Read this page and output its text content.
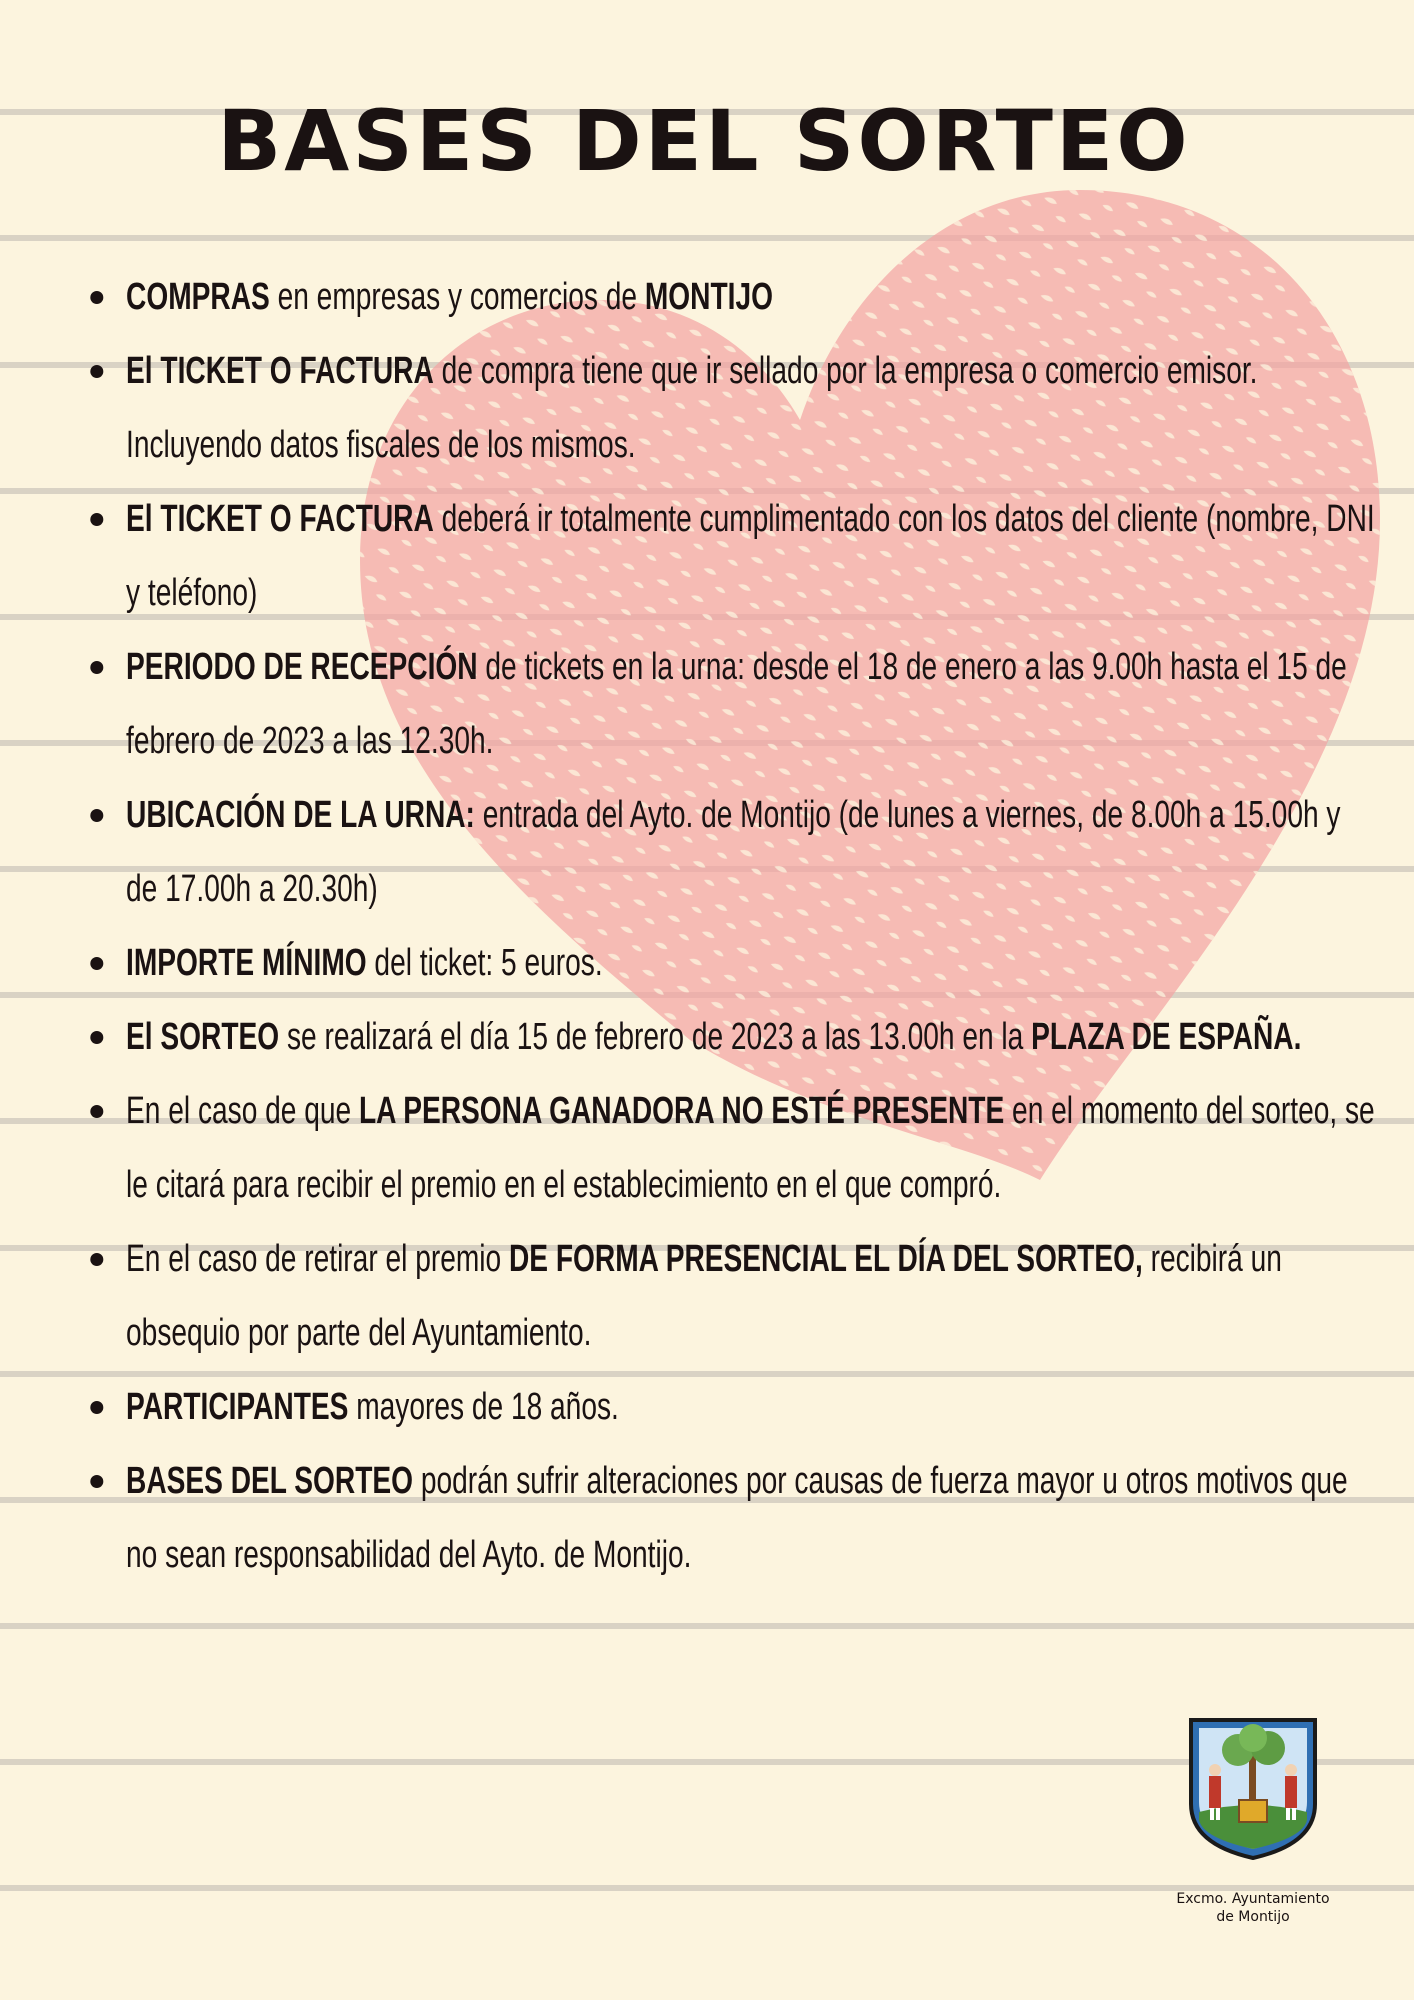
BASES DEL SORTEO
COMPRAS en empresas y comercios de MONTIJO
El TICKET O FACTURA de compra tiene que ir sellado por la empresa o comercio emisor. Incluyendo datos fiscales de los mismos.
El TICKET O FACTURA deberá ir totalmente cumplimentado con los datos del cliente (nombre, DNI y teléfono)
PERIODO DE RECEPCIÓN de tickets en la urna: desde el 18 de enero a las 9.00h hasta el 15 de febrero de 2023 a las 12.30h.
UBICACIÓN DE LA URNA: entrada del Ayto. de Montijo (de lunes a viernes, de 8.00h a 15.00h y de 17.00h a 20.30h)
IMPORTE MÍNIMO del ticket: 5 euros.
El SORTEO se realizará el día 15 de febrero de 2023 a las 13.00h en la PLAZA DE ESPAÑA.
En el caso de que LA PERSONA GANADORA NO ESTÉ PRESENTE en el momento del sorteo, se le citará para recibir el premio en el establecimiento en el que compró.
En el caso de retirar el premio DE FORMA PRESENCIAL EL DÍA DEL SORTEO, recibirá un obsequio por parte del Ayuntamiento.
PARTICIPANTES mayores de 18 años.
BASES DEL SORTEO podrán sufrir alteraciones por causas de fuerza mayor u otros motivos que no sean responsabilidad del Ayto. de Montijo.
Excmo. Ayuntamiento
de Montijo
